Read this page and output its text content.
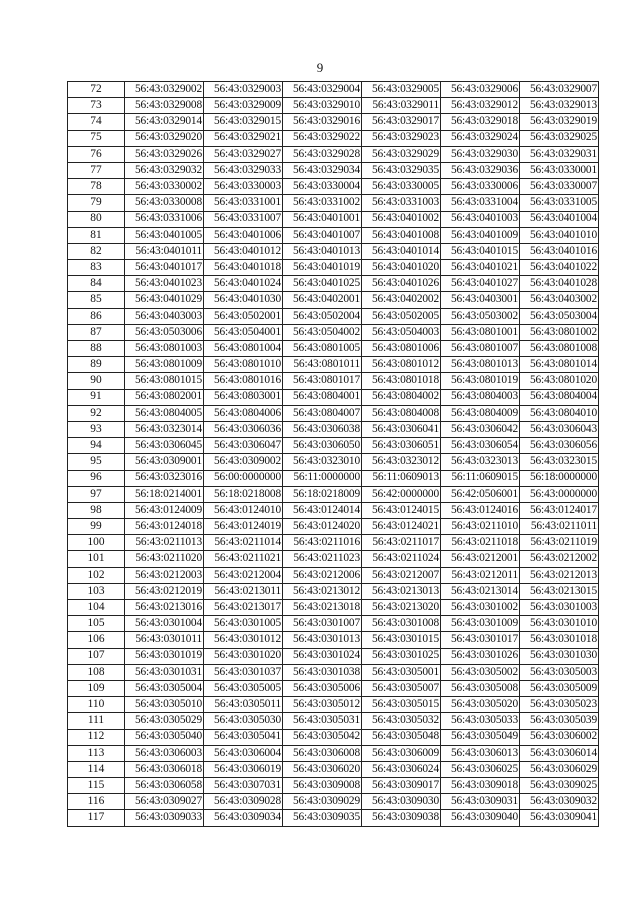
9
72	56:43:0329002	56:43:0329003	56:43:0329004	56:43:0329005	56:43:0329006	56:43:0329007
73	56:43:0329008	56:43:0329009	56:43:0329010	56:43:0329011	56:43:0329012	56:43:0329013
74	56:43:0329014	56:43:0329015	56:43:0329016	56:43:0329017	56:43:0329018	56:43:0329019
75	56:43:0329020	56:43:0329021	56:43:0329022	56:43:0329023	56:43:0329024	56:43:0329025
76	56:43:0329026	56:43:0329027	56:43:0329028	56:43:0329029	56:43:0329030	56:43:0329031
77	56:43:0329032	56:43:0329033	56:43:0329034	56:43:0329035	56:43:0329036	56:43:0330001
78	56:43:0330002	56:43:0330003	56:43:0330004	56:43:0330005	56:43:0330006	56:43:0330007
79	56:43:0330008	56:43:0331001	56:43:0331002	56:43:0331003	56:43:0331004	56:43:0331005
80	56:43:0331006	56:43:0331007	56:43:0401001	56:43:0401002	56:43:0401003	56:43:0401004
81	56:43:0401005	56:43:0401006	56:43:0401007	56:43:0401008	56:43:0401009	56:43:0401010
82	56:43:0401011	56:43:0401012	56:43:0401013	56:43:0401014	56:43:0401015	56:43:0401016
83	56:43:0401017	56:43:0401018	56:43:0401019	56:43:0401020	56:43:0401021	56:43:0401022
84	56:43:0401023	56:43:0401024	56:43:0401025	56:43:0401026	56:43:0401027	56:43:0401028
85	56:43:0401029	56:43:0401030	56:43:0402001	56:43:0402002	56:43:0403001	56:43:0403002
86	56:43:0403003	56:43:0502001	56:43:0502004	56:43:0502005	56:43:0503002	56:43:0503004
87	56:43:0503006	56:43:0504001	56:43:0504002	56:43:0504003	56:43:0801001	56:43:0801002
88	56:43:0801003	56:43:0801004	56:43:0801005	56:43:0801006	56:43:0801007	56:43:0801008
89	56:43:0801009	56:43:0801010	56:43:0801011	56:43:0801012	56:43:0801013	56:43:0801014
90	56:43:0801015	56:43:0801016	56:43:0801017	56:43:0801018	56:43:0801019	56:43:0801020
91	56:43:0802001	56:43:0803001	56:43:0804001	56:43:0804002	56:43:0804003	56:43:0804004
92	56:43:0804005	56:43:0804006	56:43:0804007	56:43:0804008	56:43:0804009	56:43:0804010
93	56:43:0323014	56:43:0306036	56:43:0306038	56:43:0306041	56:43:0306042	56:43:0306043
94	56:43:0306045	56:43:0306047	56:43:0306050	56:43:0306051	56:43:0306054	56:43:0306056
95	56:43:0309001	56:43:0309002	56:43:0323010	56:43:0323012	56:43:0323013	56:43:0323015
96	56:43:0323016	56:00:0000000	56:11:0000000	56:11:0609013	56:11:0609015	56:18:0000000
97	56:18:0214001	56:18:0218008	56:18:0218009	56:42:0000000	56:42:0506001	56:43:0000000
98	56:43:0124009	56:43:0124010	56:43:0124014	56:43:0124015	56:43:0124016	56:43:0124017
99	56:43:0124018	56:43:0124019	56:43:0124020	56:43:0124021	56:43:0211010	56:43:0211011
100	56:43:0211013	56:43:0211014	56:43:0211016	56:43:0211017	56:43:0211018	56:43:0211019
101	56:43:0211020	56:43:0211021	56:43:0211023	56:43:0211024	56:43:0212001	56:43:0212002
102	56:43:0212003	56:43:0212004	56:43:0212006	56:43:0212007	56:43:0212011	56:43:0212013
103	56:43:0212019	56:43:0213011	56:43:0213012	56:43:0213013	56:43:0213014	56:43:0213015
104	56:43:0213016	56:43:0213017	56:43:0213018	56:43:0213020	56:43:0301002	56:43:0301003
105	56:43:0301004	56:43:0301005	56:43:0301007	56:43:0301008	56:43:0301009	56:43:0301010
106	56:43:0301011	56:43:0301012	56:43:0301013	56:43:0301015	56:43:0301017	56:43:0301018
107	56:43:0301019	56:43:0301020	56:43:0301024	56:43:0301025	56:43:0301026	56:43:0301030
108	56:43:0301031	56:43:0301037	56:43:0301038	56:43:0305001	56:43:0305002	56:43:0305003
109	56:43:0305004	56:43:0305005	56:43:0305006	56:43:0305007	56:43:0305008	56:43:0305009
110	56:43:0305010	56:43:0305011	56:43:0305012	56:43:0305015	56:43:0305020	56:43:0305023
111	56:43:0305029	56:43:0305030	56:43:0305031	56:43:0305032	56:43:0305033	56:43:0305039
112	56:43:0305040	56:43:0305041	56:43:0305042	56:43:0305048	56:43:0305049	56:43:0306002
113	56:43:0306003	56:43:0306004	56:43:0306008	56:43:0306009	56:43:0306013	56:43:0306014
114	56:43:0306018	56:43:0306019	56:43:0306020	56:43:0306024	56:43:0306025	56:43:0306029
115	56:43:0306058	56:43:0307031	56:43:0309008	56:43:0309017	56:43:0309018	56:43:0309025
116	56:43:0309027	56:43:0309028	56:43:0309029	56:43:0309030	56:43:0309031	56:43:0309032
117	56:43:0309033	56:43:0309034	56:43:0309035	56:43:0309038	56:43:0309040	56:43:0309041
